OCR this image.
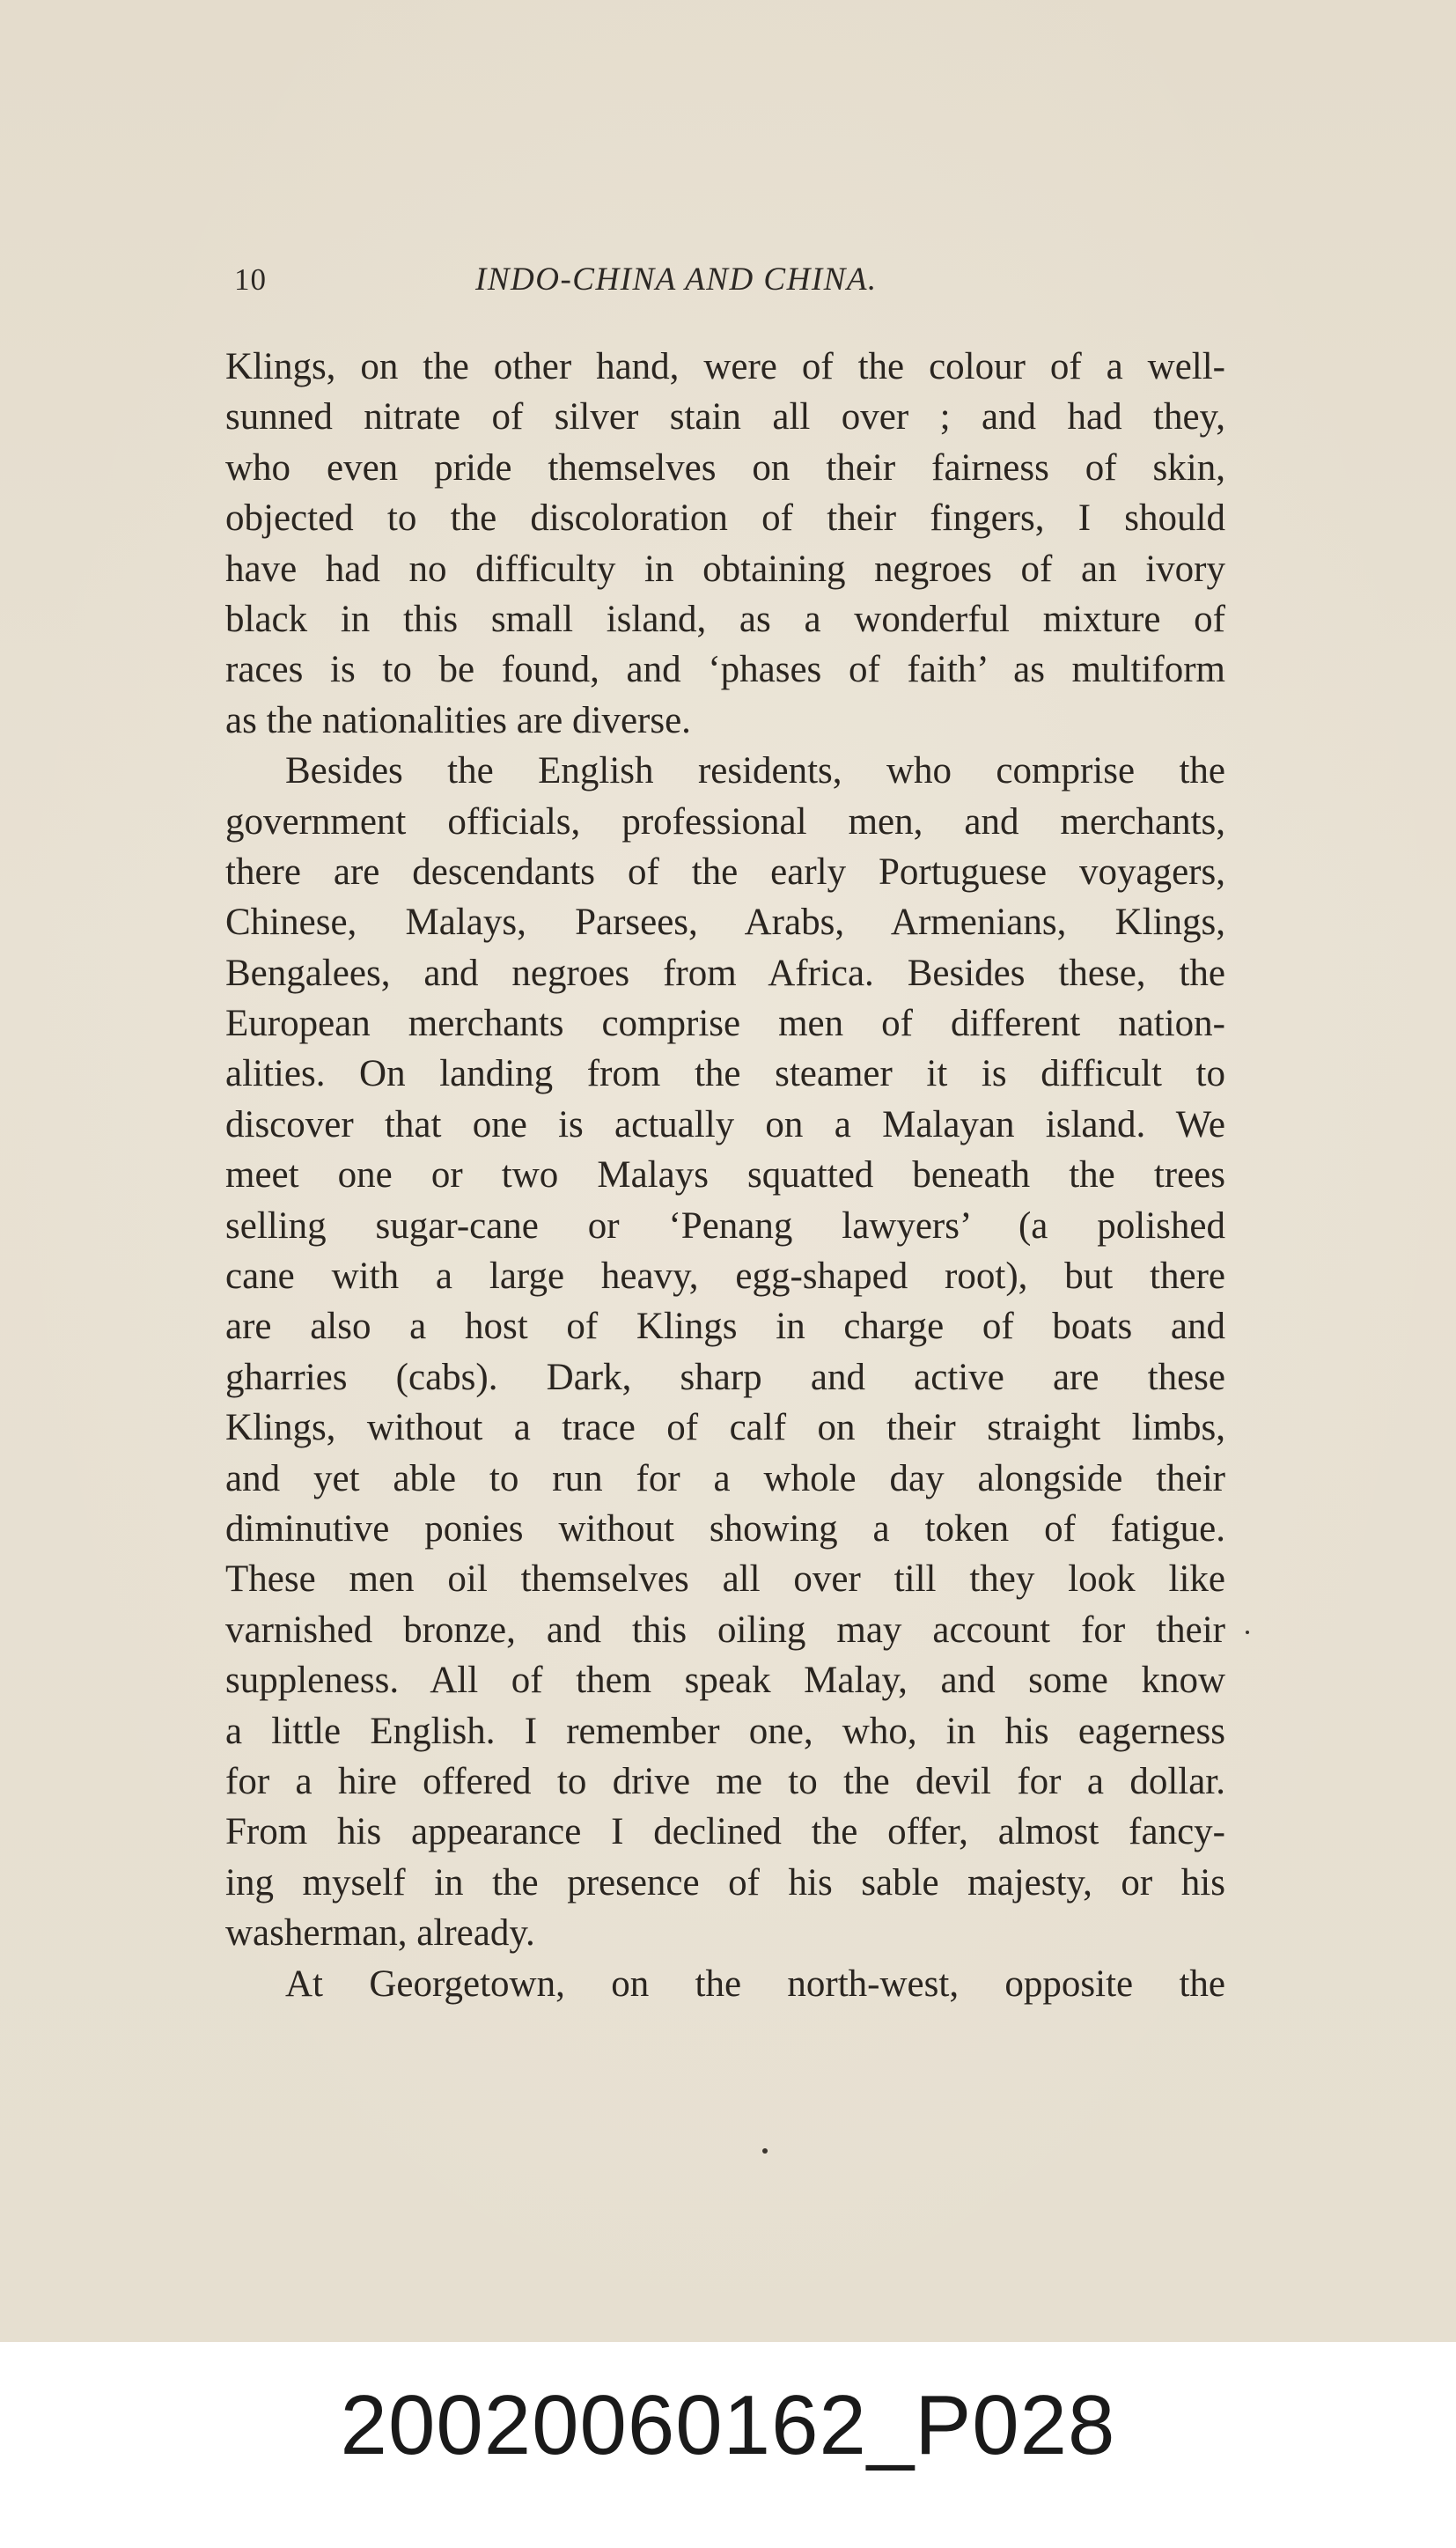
10	INDO-CHINA AND CHINA.
Klings, on the other hand, were of the colour of a well-
sunned nitrate of silver stain all over ; and had they,
who even pride themselves on their fairness of skin,
objected to the discoloration of their fingers, I should
have had no difficulty in obtaining negroes of an ivory
black in this small island, as a wonderful mixture of
races is to be found, and ‘phases of faith’ as multiform
as the nationalities are diverse.
Besides the English residents, who comprise the
government officials, professional men, and merchants,
there are descendants of the early Portuguese voyagers,
Chinese, Malays, Parsees, Arabs, Armenians, Klings,
Bengalees, and negroes from Africa. Besides these, the
European merchants comprise men of different nation-
alities. On landing from the steamer it is difficult to
discover that one is actually on a Malayan island. We
meet one or two Malays squatted beneath the trees
selling sugar-cane or ‘Penang lawyers’ (a polished
cane with a large heavy, egg-shaped root), but there
are also a host of Klings in charge of boats and
gharries (cabs). Dark, sharp and active are these
Klings, without a trace of calf on their straight limbs,
and yet able to run for a whole day alongside their
diminutive ponies without showing a token of fatigue.
These men oil themselves all over till they look like
varnished bronze, and this oiling may account for their
suppleness. All of them speak Malay, and some know
a little English. I remember one, who, in his eagerness
for a hire offered to drive me to the devil for a dollar.
From his appearance I declined the offer, almost fancy-
ing myself in the presence of his sable majesty, or his
washerman, already.
At Georgetown, on the north-west, opposite the
20020060162_P028
